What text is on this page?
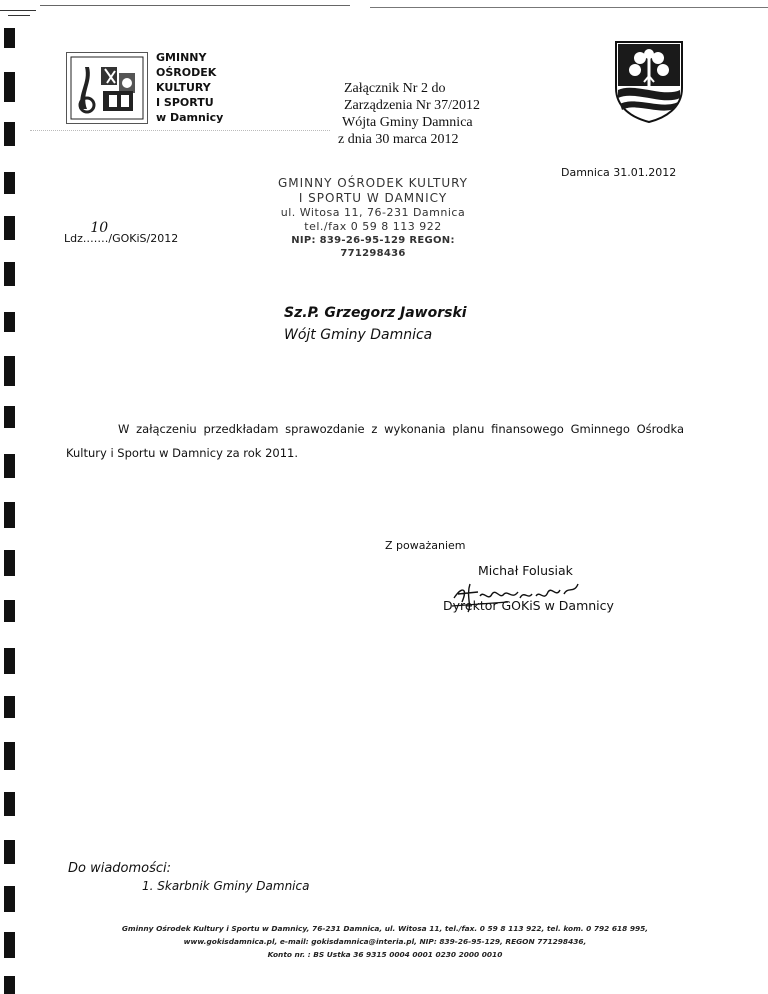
GMINNY
OŚRODEK
KULTURY
I SPORTU
w Damnicy
Załącznik Nr 2 do
Zarządzenia Nr 37/2012
Wójta Gminy Damnica
z dnia 30 marca 2012
Damnica 31.01.2012
GMINNY OŚRODEK KULTURY
I SPORTU W DAMNICY
ul. Witosa 11, 76-231 Damnica
tel./fax 0 59 8 113 922
NIP: 839-26-95-129 REGON: 771298436
Ldz.……
10
/GOKiS/2012
Sz.P. Grzegorz Jaworski
Wójt Gminy Damnica
W załączeniu przedkładam sprawozdanie z wykonania planu finansowego Gminnego Ośrodka
Kultury i Sportu w Damnicy za rok 2011.
Z poważaniem
Michał Folusiak
Dyrektor GOKiS w Damnicy
Do wiadomości:
1. Skarbnik Gminy Damnica
Gminny Ośrodek Kultury i Sportu w Damnicy, 76-231 Damnica, ul. Witosa 11, tel./fax. 0 59 8 113 922, tel. kom. 0 792 618 995,
www.gokisdamnica.pl, e-mail: gokisdamnica@interia.pl, NIP: 839-26-95-129, REGON 771298436,
Konto nr. : BS Ustka 36 9315 0004 0001 0230 2000 0010
